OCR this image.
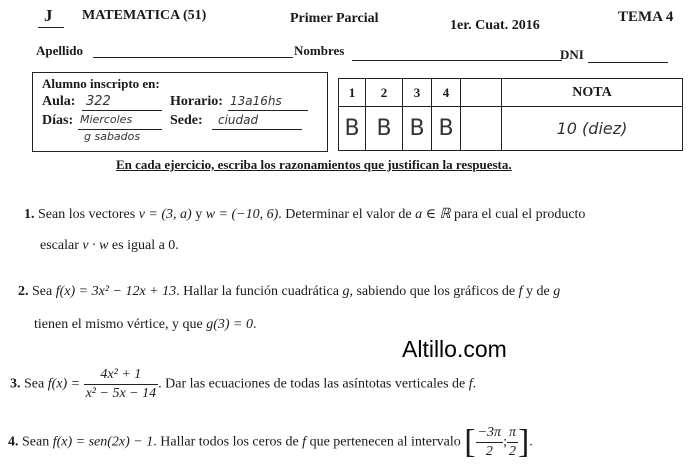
J MATEMATICA (51)	Primer Parcial	1er. Cuat. 2016
TEMA 4
Apellido	Nombres	DNI
Alumno inscripto en:
Aula: 322	Horario: 13a16hs
Días: Miercoles
g sabados
Sede: ciudad
1	2	3	4		NOTA
B	B	B	B		10 (diez)
En cada ejercicio, escriba los razonamientos que justifican la respuesta.
1. Sean los vectores v = (3, a) y w = (−10, 6). Determinar el valor de a ∈ ℝ para el cual el producto
escalar v · w es igual a 0.
2. Sea f(x) = 3x² − 12x + 13. Hallar la función cuadrática g, sabiendo que los gráficos de f y de g
tienen el mismo vértice, y que g(3) = 0.
Altillo.com
3. Sea $f(x) = \frac{\text{4x² + 1}}{\text{x² − 5x − 14}}$ . Dar las ecuaciones de todas las asíntotas verticales de f.
4. Sean f(x) = sen(2x) − 1. Hallar todos los ceros de f que pertenecen al intervalo [ $\frac{-3\pi}{2}$ ; $\frac{\pi}{2}$ ].
